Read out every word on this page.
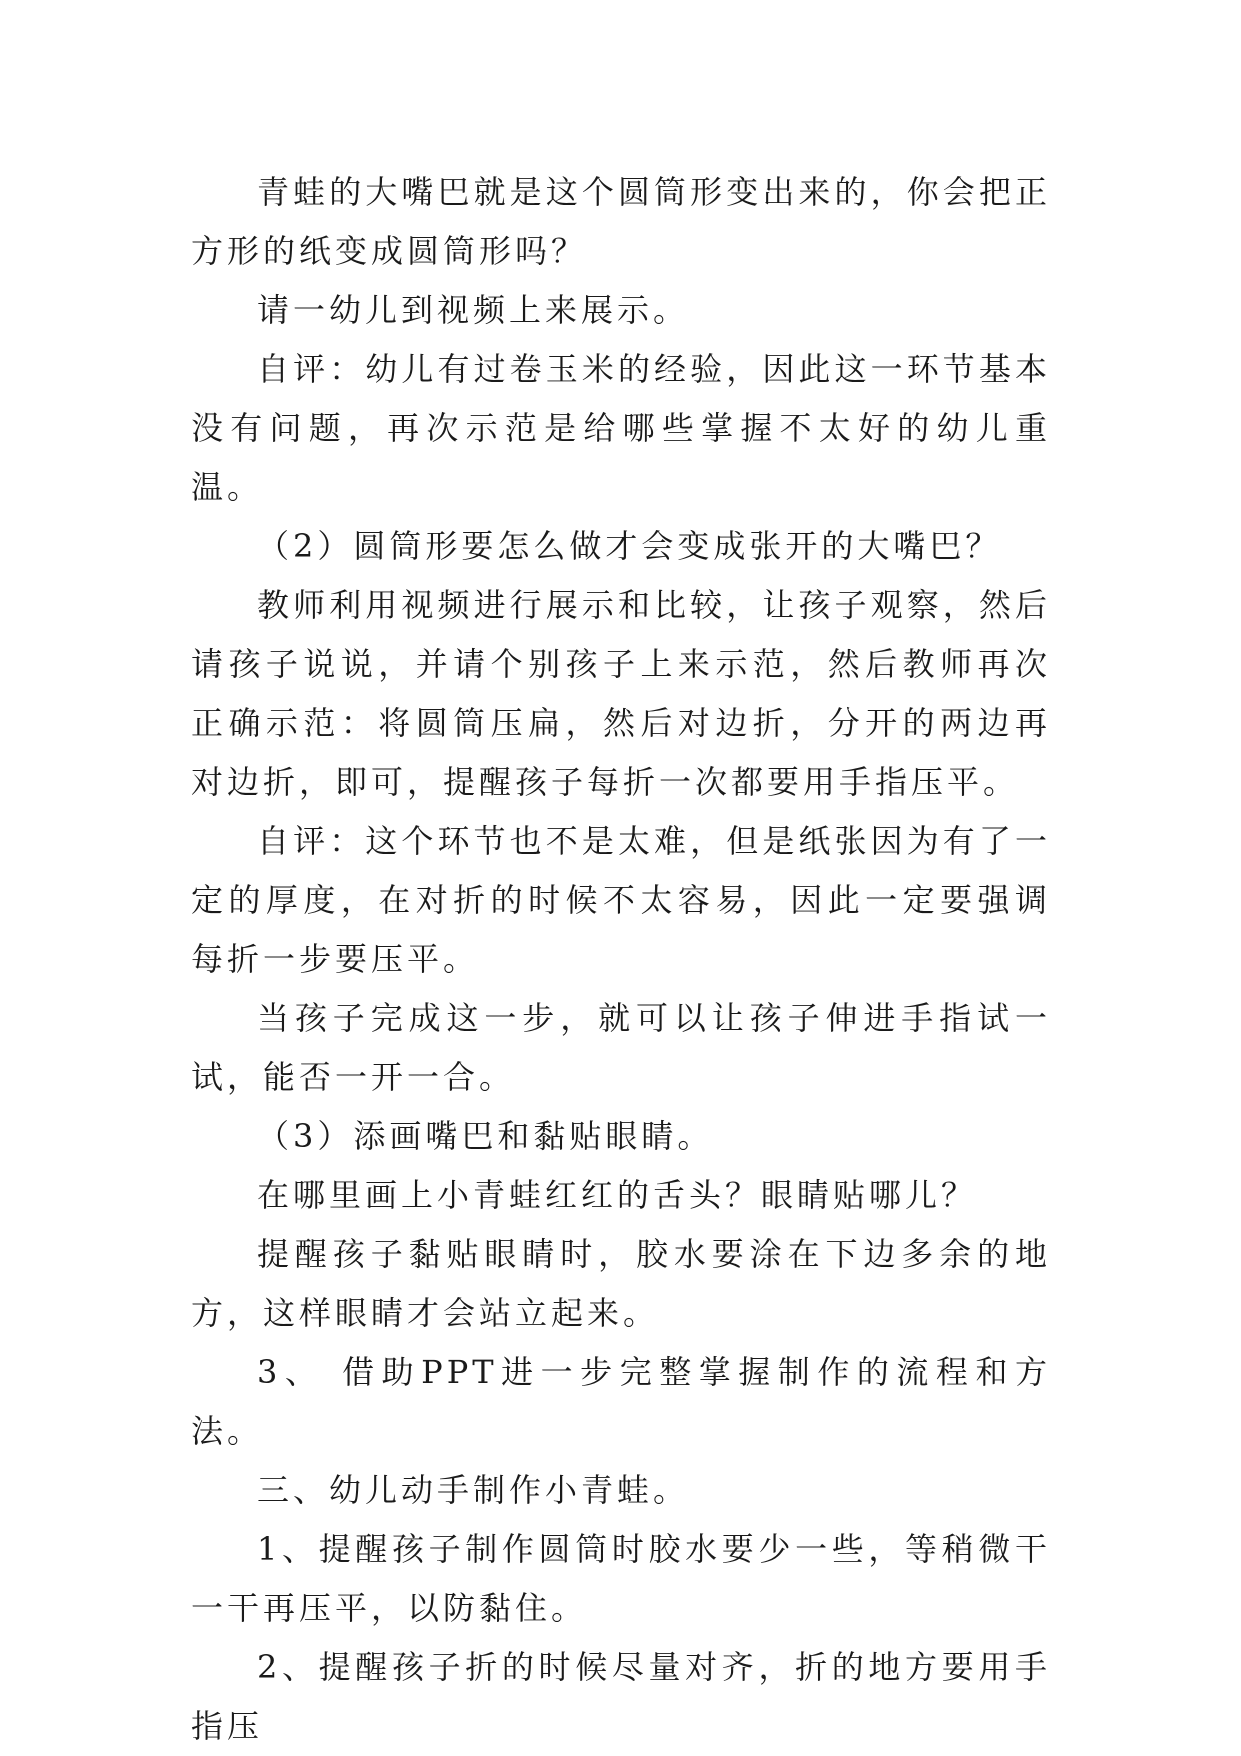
青蛙的大嘴巴就是这个圆筒形变出来的，你会把正方形的纸变成圆筒形吗？

请一幼儿到视频上来展示。

自评：幼儿有过卷玉米的经验，因此这一环节基本没有问题，再次示范是给哪些掌握不太好的幼儿重温。

（2）圆筒形要怎么做才会变成张开的大嘴巴？

教师利用视频进行展示和比较，让孩子观察，然后请孩子说说，并请个别孩子上来示范，然后教师再次正确示范：将圆筒压扁，然后对边折，分开的两边再对边折，即可，提醒孩子每折一次都要用手指压平。

自评：这个环节也不是太难，但是纸张因为有了一定的厚度，在对折的时候不太容易，因此一定要强调每折一步要压平。

当孩子完成这一步，就可以让孩子伸进手指试一试，能否一开一合。

（3）添画嘴巴和黏贴眼睛。

在哪里画上小青蛙红红的舌头？眼睛贴哪儿？

提醒孩子黏贴眼睛时，胶水要涂在下边多余的地方，这样眼睛才会站立起来。

3、 借助PPT进一步完整掌握制作的流程和方法。

三、幼儿动手制作小青蛙。

1、提醒孩子制作圆筒时胶水要少一些，等稍微干一干再压平，以防黏住。

2、提醒孩子折的时候尽量对齐，折的地方要用手指压
